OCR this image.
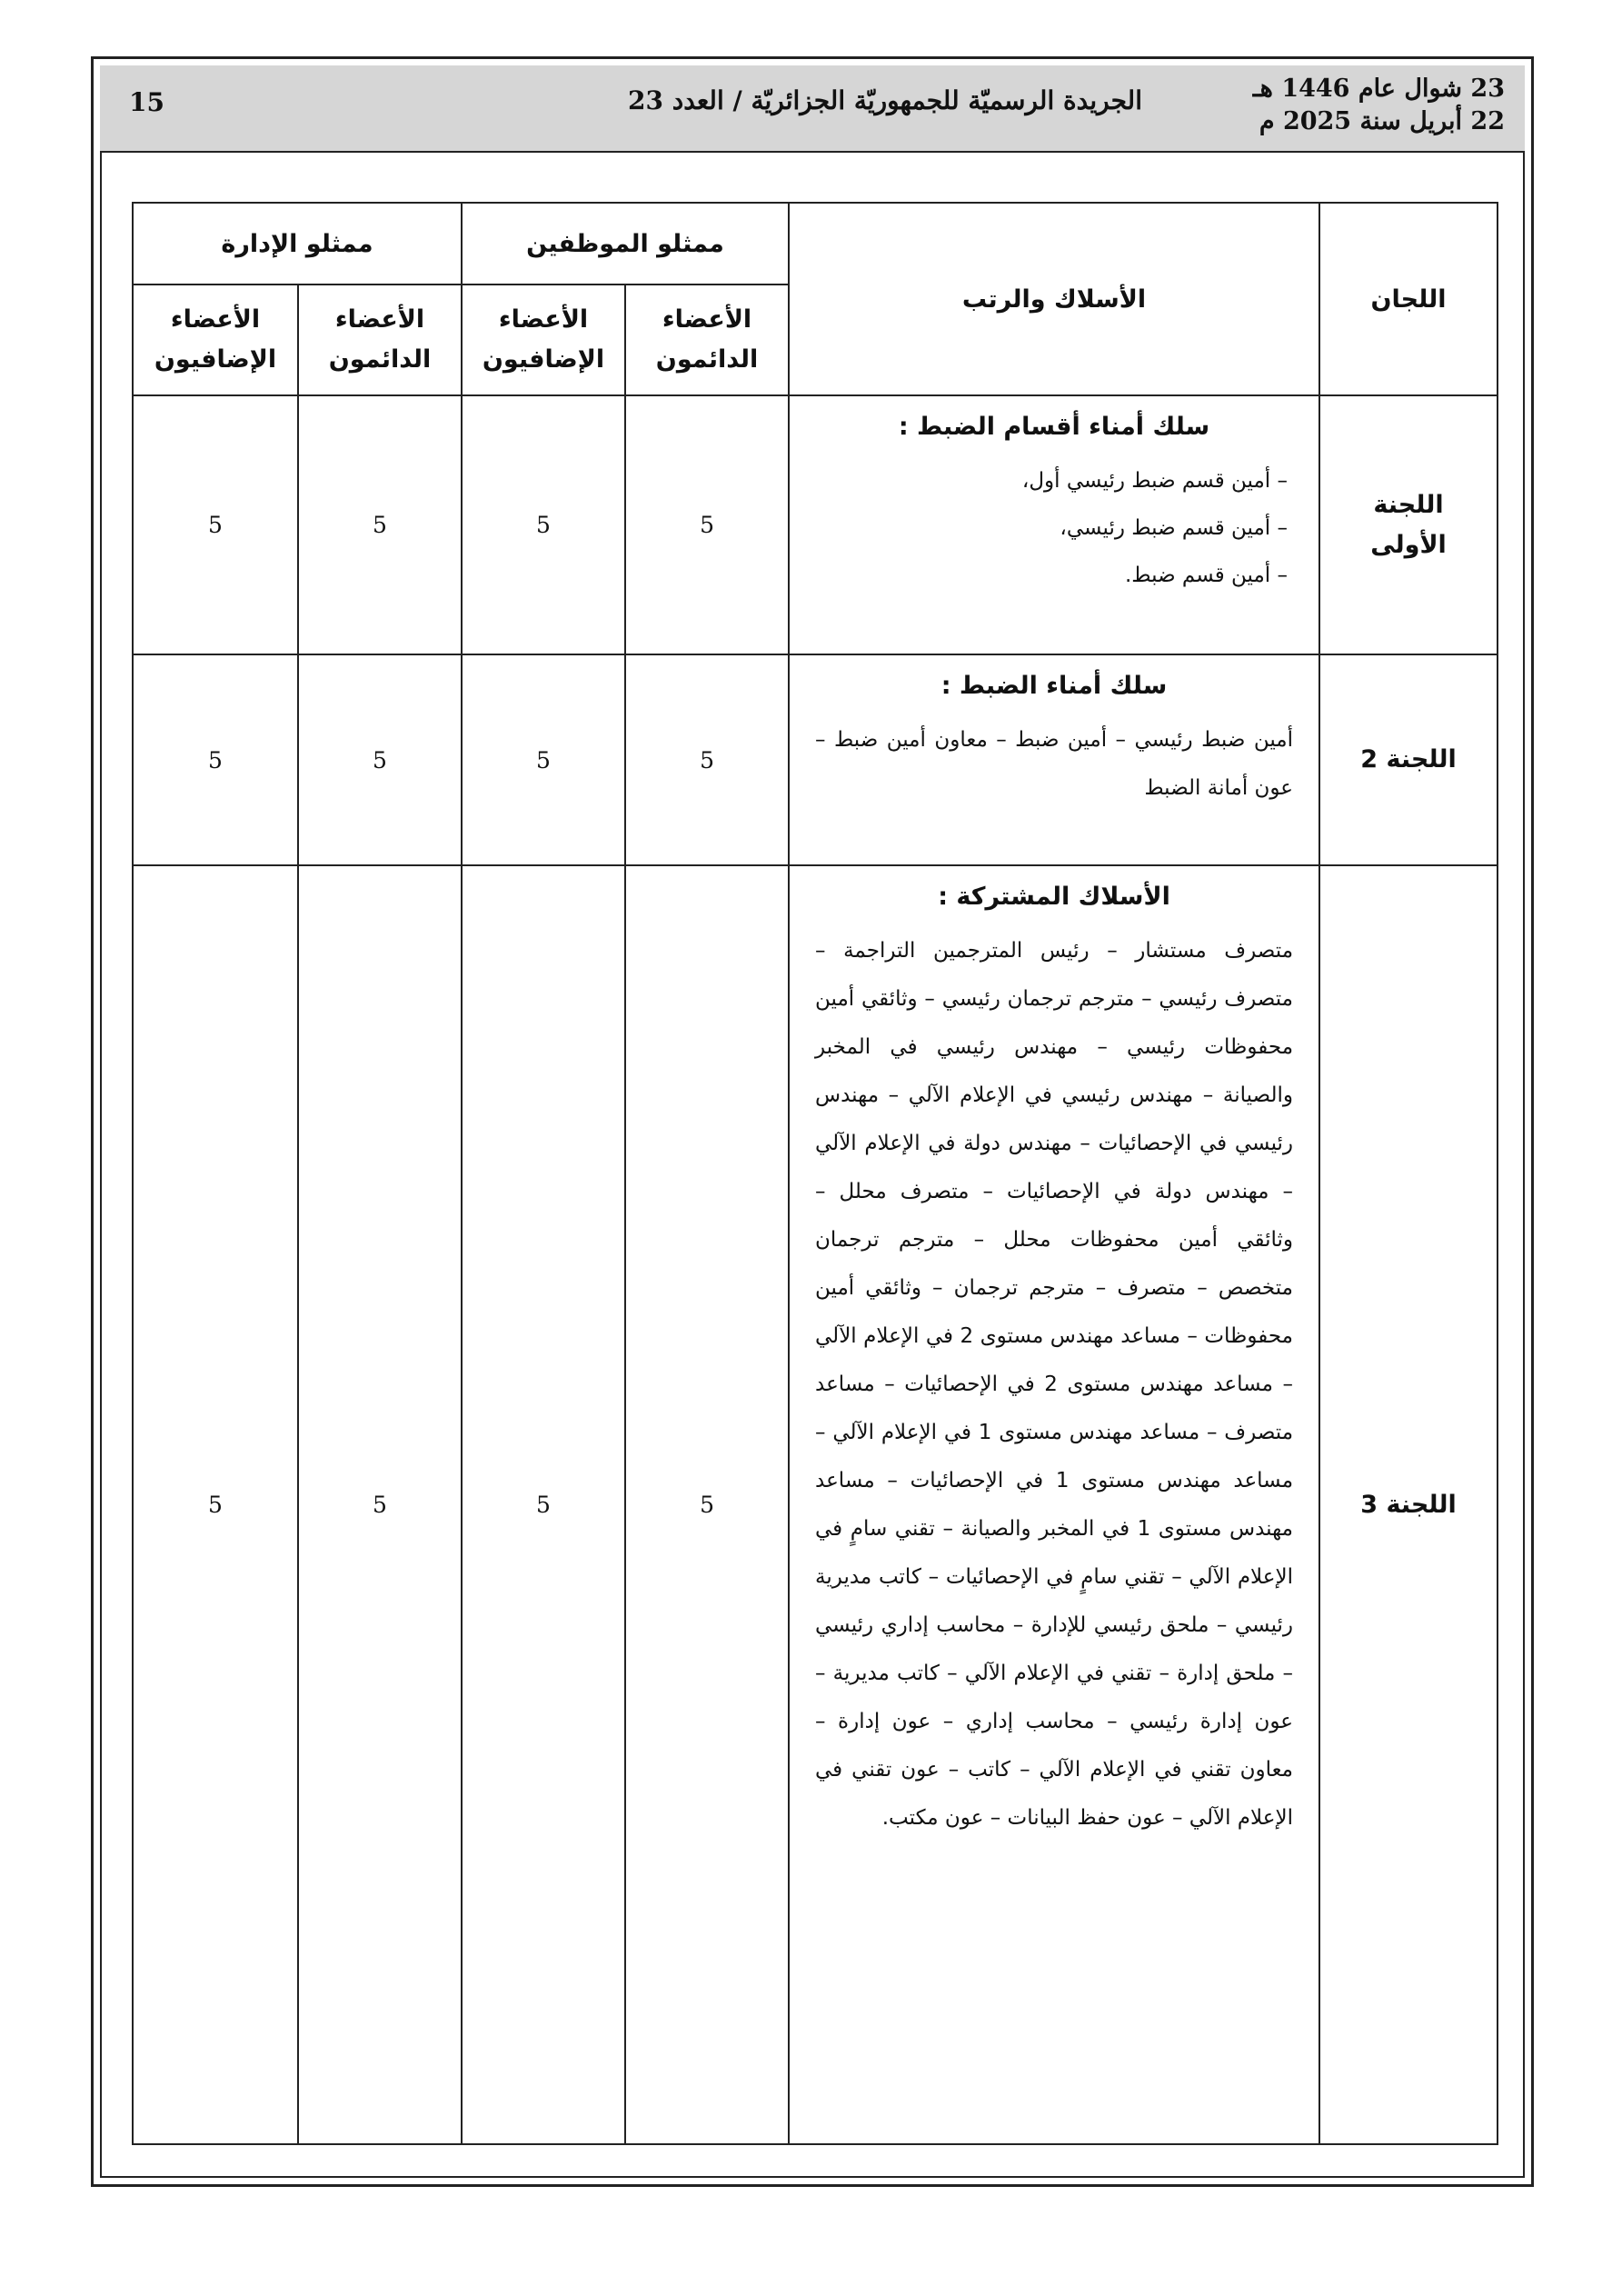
23 شوال عام 1446 هـ
22 أبريل سنة 2025 م
الجريدة الرسميّة للجمهوريّة الجزائريّة / العدد 23
15
اللجان	الأسلاك والرتب	ممثلو الموظفين		ممثلو الإدارة	
		الأعضاء الدائمون	الأعضاء الإضافيون	الأعضاء الدائمون	الأعضاء الإضافيون

اللجنة الأولى	سلك أمناء أقسام الضبط :
– أمين قسم ضبط رئيسي أول،
– أمين قسم ضبط رئيسي،
– أمين قسم ضبط.	5	5	5	5
اللجنة 2	سلك أمناء الضبط :
أمين ضبط رئيسي – أمين ضبط – معاون أمين ضبط – عون أمانة الضبط	5	5	5	5
اللجنة 3	الأسلاك المشتركة :
متصرف مستشار – رئيس المترجمين التراجمة – متصرف رئيسي – مترجم ترجمان رئيسي – وثائقي أمين محفوظات رئيسي – مهندس رئيسي في المخبر والصيانة – مهندس رئيسي في الإعلام الآلي – مهندس رئيسي في الإحصائيات – مهندس دولة في الإعلام الآلي – مهندس دولة في الإحصائيات – متصرف محلل – وثائقي أمين محفوظات محلل – مترجم ترجمان متخصص – متصرف – مترجم ترجمان – وثائقي أمين محفوظات – مساعد مهندس مستوى 2 في الإعلام الآلي – مساعد مهندس مستوى 2 في الإحصائيات – مساعد متصرف – مساعد مهندس مستوى 1 في الإعلام الآلي – مساعد مهندس مستوى 1 في الإحصائيات – مساعد مهندس مستوى 1 في المخبر والصيانة – تقني سامٍ في الإعلام الآلي – تقني سامٍ في الإحصائيات – كاتب مديرية رئيسي – ملحق رئيسي للإدارة – محاسب إداري رئيسي – ملحق إدارة – تقني في الإعلام الآلي – كاتب مديرية – عون إدارة رئيسي – محاسب إداري – عون إدارة – معاون تقني في الإعلام الآلي – كاتب – عون تقني في الإعلام الآلي – عون حفظ البيانات – عون مكتب.	5	5	5	5
